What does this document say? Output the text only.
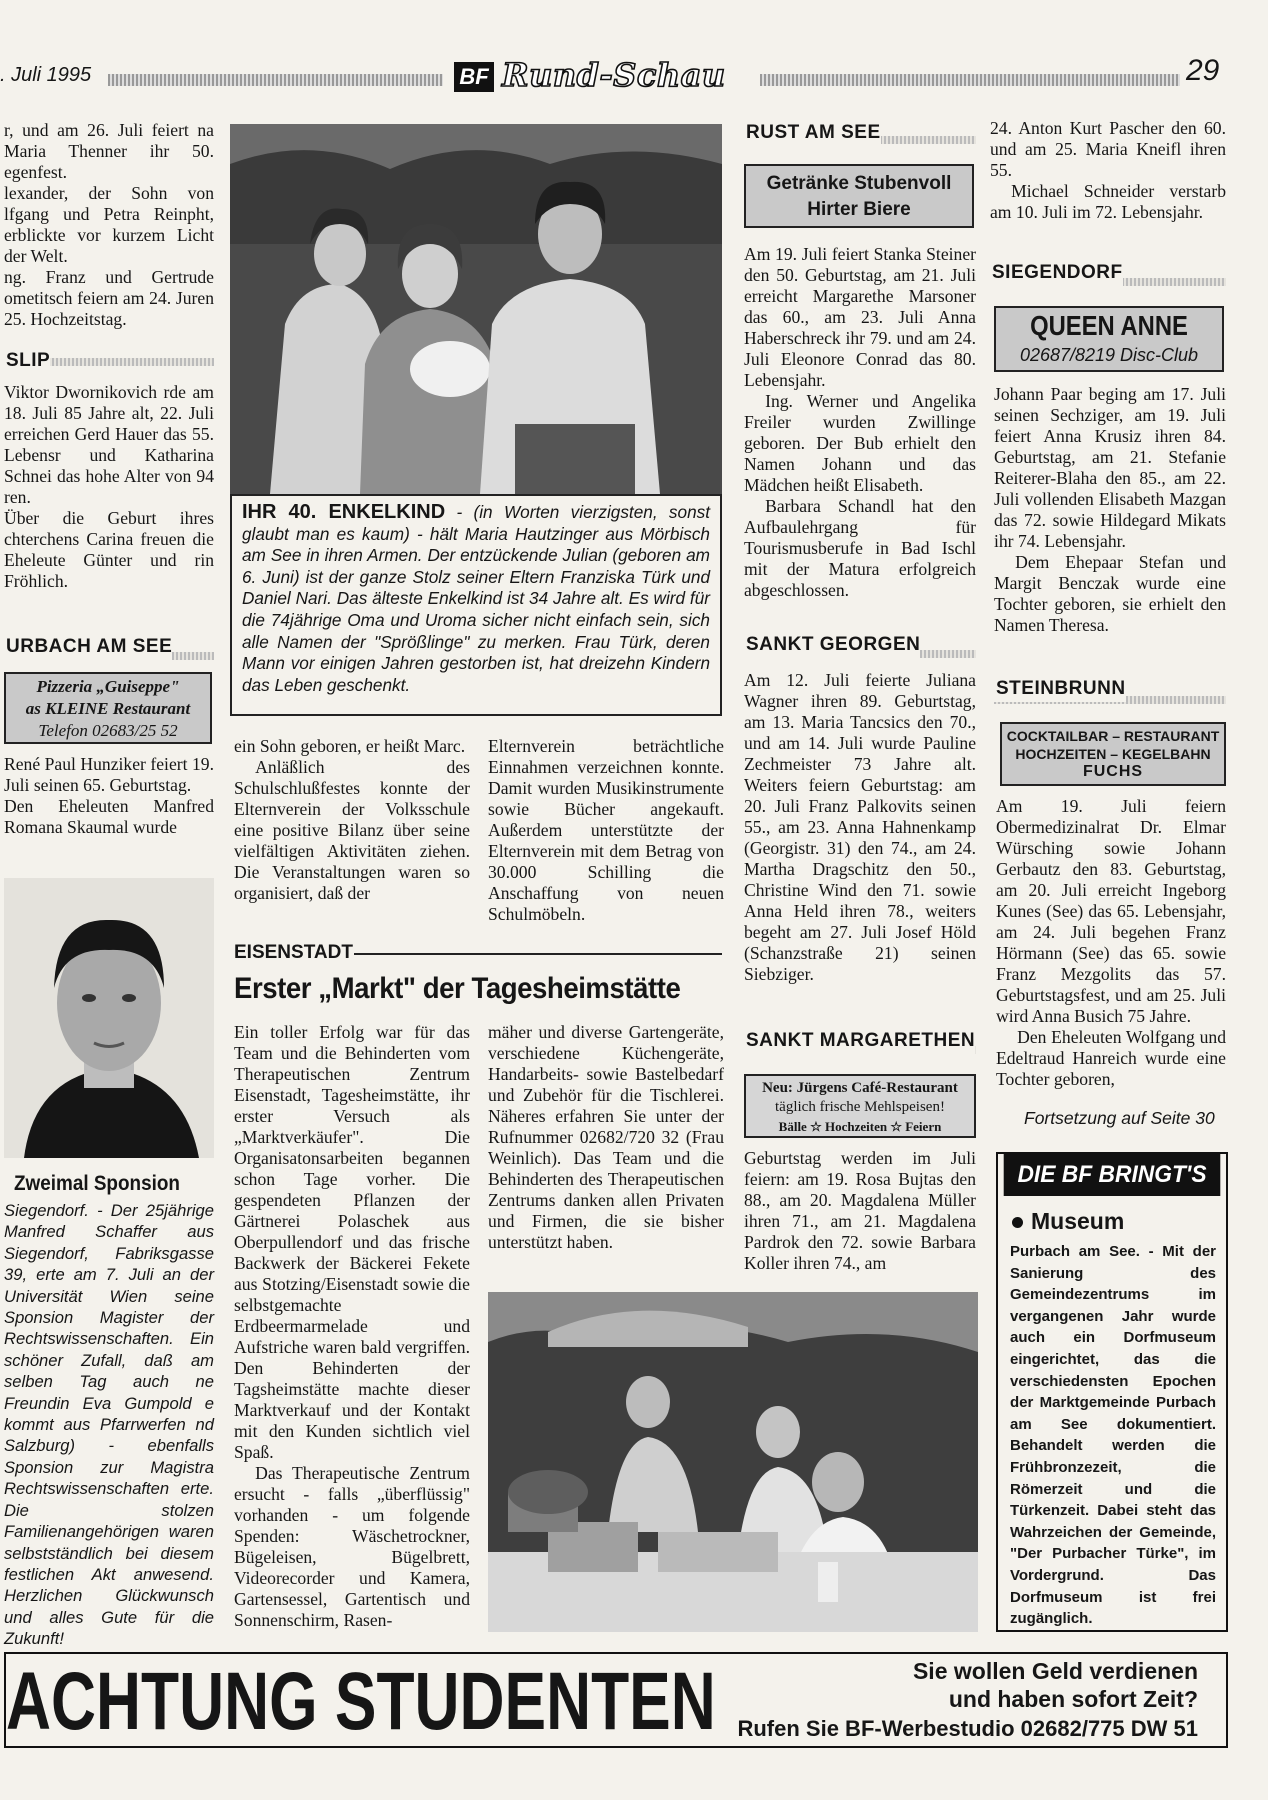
. Juli 1995	BF Rund-Schau	29

r, und am 26. Juli feiert na Maria Thenner ihr 50. egenfest.

lexander, der Sohn von lfgang und Petra Reinpht, erblickte vor kurzem Licht der Welt.

ng. Franz und Gertrude ometitsch feiern am 24. Juren 25. Hochzeitstag.

SLIP

Viktor Dwornikovich rde am 18. Juli 85 Jahre alt, 22. Juli erreichen Gerd Hauer das 55. Lebensr und Katharina Schnei das hohe Alter von 94 ren.

Über die Geburt ihres chterchens Carina freuen die Eheleute Günter und rin Fröhlich.

URBACH AM SEE
Pizzeria „Guiseppe"
as KLEINE Restaurant
Telefon 02683/25 52

René Paul Hunziker feiert 19. Juli seinen 65. Geburtstag.

Den Eheleuten Manfred Romana Skaumal wurde

Zweimal Sponsion
Siegendorf. - Der 25jährige Manfred Schaffer aus Siegendorf, Fabriksgasse 39, erte am 7. Juli an der Universität Wien seine Sponsion Magister der Rechtswissenschaften. Ein schöner Zufall, daß am selben Tag auch ne Freundin Eva Gumpold e kommt aus Pfarrwerfen nd Salzburg) - ebenfalls Sponsion zur Magistra Rechtswissenschaften erte. Die stolzen Familienangehörigen waren selbstständlich bei diesem festlichen Akt anwesend. Herzlichen Glückwunsch und alles Gute für die Zukunft!
IHR 40. ENKELKIND - (in Worten vierzigsten, sonst glaubt man es kaum) - hält Maria Hautzinger aus Mörbisch am See in ihren Armen. Der entzückende Julian (geboren am 6. Juni) ist der ganze Stolz seiner Eltern Franziska Türk und Daniel Nari. Das älteste Enkelkind ist 34 Jahre alt. Es wird für die 74jährige Oma und Uroma sicher nicht einfach sein, sich alle Namen der "Sprößlinge" zu merken. Frau Türk, deren Mann vor einigen Jahren gestorben ist, hat dreizehn Kindern das Leben geschenkt.

ein Sohn geboren, er heißt Marc.

Anläßlich des Schulschlußfestes konnte der Elternverein der Volksschule eine positive Bilanz über seine vielfältigen Aktivitäten ziehen. Die Veranstaltungen waren so organisiert, daß der

Elternverein beträchtliche Einnahmen verzeichnen konnte. Damit wurden Musikinstrumente sowie Bücher angekauft. Außerdem unterstützte der Elternverein mit dem Betrag von 30.000 Schilling die Anschaffung von neuen Schulmöbeln.
EISENSTADT
Erster „Markt" der Tagesheimstätte

Ein toller Erfolg war für das Team und die Behinderten vom Therapeutischen Zentrum Eisenstadt, Tagesheimstätte, ihr erster Versuch als „Marktverkäufer". Die Organisatonsarbeiten begannen schon Tage vorher. Die gespendeten Pflanzen der Gärtnerei Polaschek aus Oberpullendorf und das frische Backwerk der Bäckerei Fekete aus Stotzing/Eisenstadt sowie die selbstgemachte Erdbeermarmelade und Aufstriche waren bald vergriffen. Den Behinderten der Tagsheimstätte machte dieser Marktverkauf und der Kontakt mit den Kunden sichtlich viel Spaß.

Das Therapeutische Zentrum ersucht - falls „überflüssig" vorhanden - um folgende Spenden: Wäschetrockner, Bügeleisen, Bügelbrett, Videorecorder und Kamera, Gartensessel, Gartentisch und Sonnenschirm, Rasen-

mäher und diverse Gartengeräte, verschiedene Küchengeräte, Handarbeits- sowie Bastelbedarf und Zubehör für die Tischlerei. Näheres erfahren Sie unter der Rufnummer 02682/720 32 (Frau Weinlich). Das Team und die Behinderten des Therapeutischen Zentrums danken allen Privaten und Firmen, die sie bisher unterstützt haben.
RUST AM SEE
Getränke Stubenvoll
Hirter Biere

Am 19. Juli feiert Stanka Steiner den 50. Geburtstag, am 21. Juli erreicht Margarethe Marsoner das 60., am 23. Juli Anna Haberschreck ihr 79. und am 24. Juli Eleonore Conrad das 80. Lebensjahr.

Ing. Werner und Angelika Freiler wurden Zwillinge geboren. Der Bub erhielt den Namen Johann und das Mädchen heißt Elisabeth.

Barbara Schandl hat den Aufbaulehrgang für Tourismusberufe in Bad Ischl mit der Matura erfolgreich abgeschlossen.

SANKT GEORGEN
Am 12. Juli feierte Juliana Wagner ihren 89. Geburtstag, am 13. Maria Tancsics den 70., und am 14. Juli wurde Pauline Zechmeister 73 Jahre alt. Weiters feiern Geburtstag: am 20. Juli Franz Palkovits seinen 55., am 23. Anna Hahnenkamp (Georgistr. 31) den 74., am 24. Martha Dragschitz den 50., Christine Wind den 71. sowie Anna Held ihren 78., weiters begeht am 27. Juli Josef Höld (Schanzstraße 21) seinen Siebziger.
SANKT MARGARETHEN
Neu: Jürgens Café-Restaurant
täglich frische Mehlspeisen!
Bälle ☆ Hochzeiten ☆ Feiern
Geburtstag werden im Juli feiern: am 19. Rosa Bujtas den 88., am 20. Magdalena Müller ihren 71., am 21. Magdalena Pardrok den 72. sowie Barbara Koller ihren 74., am

24. Anton Kurt Pascher den 60. und am 25. Maria Kneifl ihren 55.

Michael Schneider verstarb am 10. Juli im 72. Lebensjahr.

SIEGENDORF
QUEEN ANNE
02687/8219 Disc-Club

Johann Paar beging am 17. Juli seinen Sechziger, am 19. Juli feiert Anna Krusiz ihren 84. Geburtstag, am 21. Stefanie Reiterer-Blaha den 85., am 22. Juli vollenden Elisabeth Mazgan das 72. sowie Hildegard Mikats ihr 74. Lebensjahr.

Dem Ehepaar Stefan und Margit Benczak wurde eine Tochter geboren, sie erhielt den Namen Theresa.

STEINBRUNN
COCKTAILBAR – RESTAURANT
HOCHZEITEN – KEGELBAHN
FUCHS

Am 19. Juli feiern Obermedizinalrat Dr. Elmar Würsching sowie Johann Gerbautz den 83. Geburtstag, am 20. Juli erreicht Ingeborg Kunes (See) das 65. Lebensjahr, am 24. Juli begehen Franz Hörmann (See) das 65. sowie Franz Mezgolits das 57. Geburtstagsfest, und am 25. Juli wird Anna Busich 75 Jahre.

Den Eheleuten Wolfgang und Edeltraud Hanreich wurde eine Tochter geboren,

Fortsetzung auf Seite 30
DIE BF BRINGT'S
Museum
Purbach am See. - Mit der Sanierung des Gemeindezentrums im vergangenen Jahr wurde auch ein Dorfmuseum eingerichtet, das die verschiedensten Epochen der Marktgemeinde Purbach am See dokumentiert. Behandelt werden die Frühbronzezeit, die Römerzeit und die Türkenzeit. Dabei steht das Wahrzeichen der Gemeinde, "Der Purbacher Türke", im Vordergrund. Das Dorfmuseum ist frei zugänglich.
ACHTUNG STUDENTEN	Sie wollen Geld verdienen
und haben sofort Zeit?
Rufen Sie BF-Werbestudio 02682/775 DW 51
